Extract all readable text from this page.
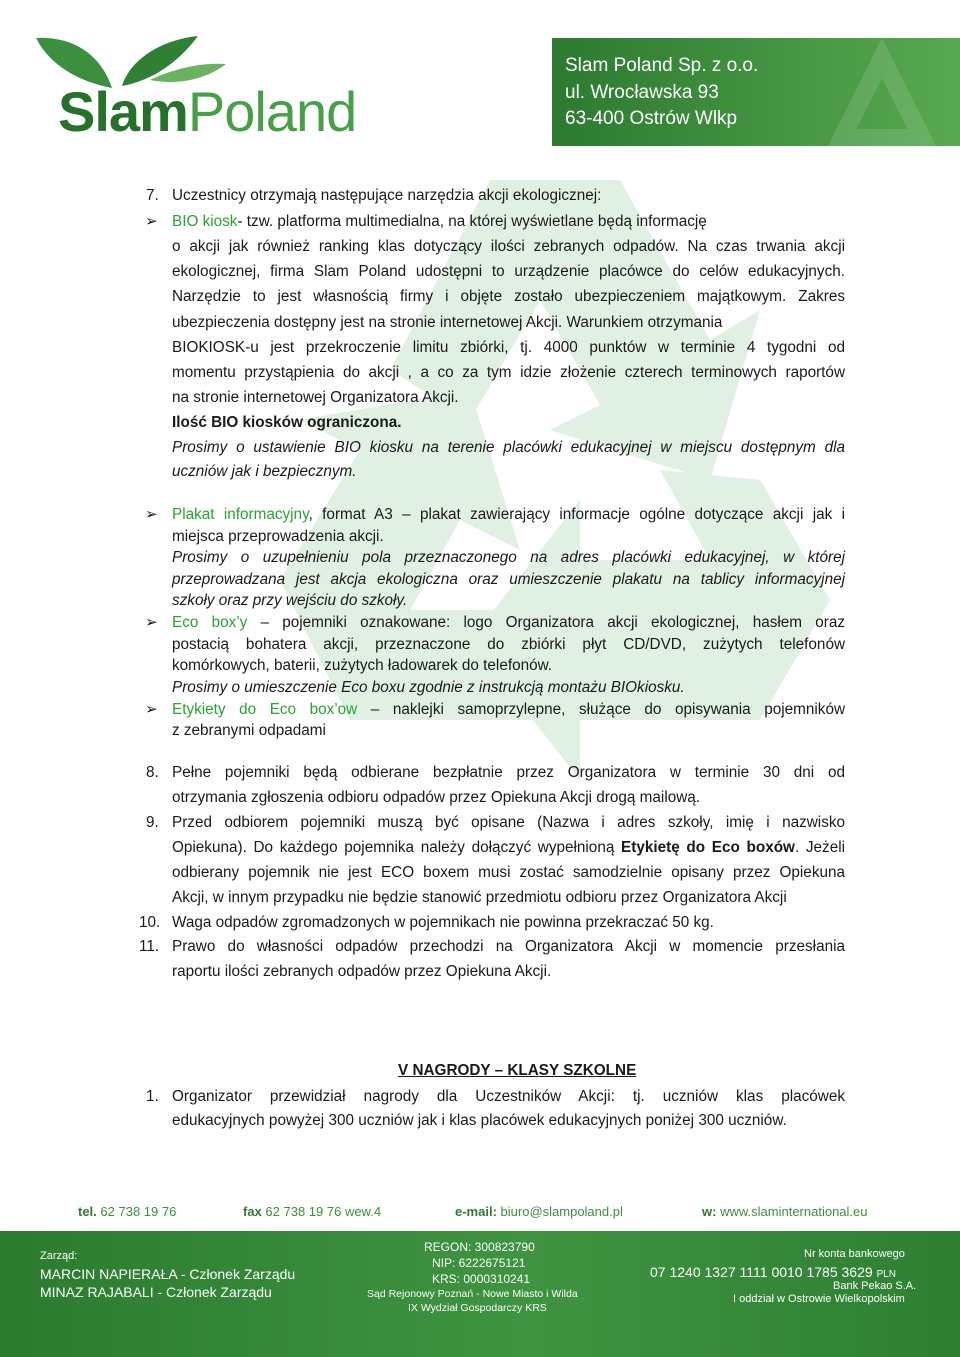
SlamPoland
Slam Poland Sp. z o.o.
ul. Wrocławska 93
63-400 Ostrów Wlkp
7. Uczestnicy otrzymają następujące narzędzia akcji ekologicznej:
➢ BIO kiosk- tzw. platforma multimedialna, na której wyświetlane będą informację
o akcji jak również ranking klas dotyczący ilości zebranych odpadów. Na czas trwania akcji
ekologicznej, firma Slam Poland udostępni to urządzenie placówce do celów edukacyjnych.
Narzędzie to jest własnością firmy i objęte zostało ubezpieczeniem majątkowym. Zakres
ubezpieczenia dostępny jest na stronie internetowej Akcji. Warunkiem otrzymania
BIOKIOSK-u jest przekroczenie limitu zbiórki, tj. 4000 punktów w terminie 4 tygodni od
momentu przystąpienia do akcji , a co za tym idzie złożenie czterech terminowych raportów
na stronie internetowej Organizatora Akcji.
Ilość BIO kiosków ograniczona.
Prosimy o ustawienie BIO kiosku na terenie placówki edukacyjnej w miejscu dostępnym dla
uczniów jak i bezpiecznym.
➢ Plakat informacyjny, format A3 – plakat zawierający informacje ogólne dotyczące akcji jak i
miejsca przeprowadzenia akcji.
Prosimy o uzupełnieniu pola przeznaczonego na adres placówki edukacyjnej, w której
przeprowadzana jest akcja ekologiczna oraz umieszczenie plakatu na tablicy informacyjnej
szkoły oraz przy wejściu do szkoły.
➢ Eco box’y – pojemniki oznakowane: logo Organizatora akcji ekologicznej, hasłem oraz
postacią bohatera akcji, przeznaczone do zbiórki płyt CD/DVD, zużytych telefonów
komórkowych, baterii, zużytych ładowarek do telefonów.
Prosimy o umieszczenie Eco boxu zgodnie z instrukcją montażu BIOkiosku.
➢ Etykiety do Eco box’ow – naklejki samoprzylepne, służące do opisywania pojemników
z zebranymi odpadami
8. Pełne pojemniki będą odbierane bezpłatnie przez Organizatora w terminie 30 dni od
otrzymania zgłoszenia odbioru odpadów przez Opiekuna Akcji drogą mailową.
9. Przed odbiorem pojemniki muszą być opisane (Nazwa i adres szkoły, imię i nazwisko
Opiekuna). Do każdego pojemnika należy dołączyć wypełnioną Etykietę do Eco boxów. Jeżeli
odbierany pojemnik nie jest ECO boxem musi zostać samodzielnie opisany przez Opiekuna
Akcji, w innym przypadku nie będzie stanowić przedmiotu odbioru przez Organizatora Akcji
10. Waga odpadów zgromadzonych w pojemnikach nie powinna przekraczać 50 kg.
11. Prawo do własności odpadów przechodzi na Organizatora Akcji w momencie przesłania
raportu ilości zebranych odpadów przez Opiekuna Akcji.
V NAGRODY – KLASY SZKOLNE
1. Organizator przewidział nagrody dla Uczestników Akcji: tj. uczniów klas placówek
edukacyjnych powyżej 300 uczniów jak i klas placówek edukacyjnych poniżej 300 uczniów.
tel. 62 738 19 76	fax 62 738 19 76 wew.4	e-mail: biuro@slampoland.pl	w: www.slaminternational.eu
Zarząd:
MARCIN NAPIERAŁA - Członek Zarządu
MINAZ RAJABALI - Członek Zarządu
REGON: 300823790
NIP: 6222675121
KRS: 0000310241
Sąd Rejonowy Poznań - Nowe Miasto i Wilda
IX Wydział Gospodarczy KRS
Nr konta bankowego
07 1240 1327 1111 0010 1785 3629 PLN
Bank Pekao S.A.
I oddział w Ostrowie Wielkopolskim
